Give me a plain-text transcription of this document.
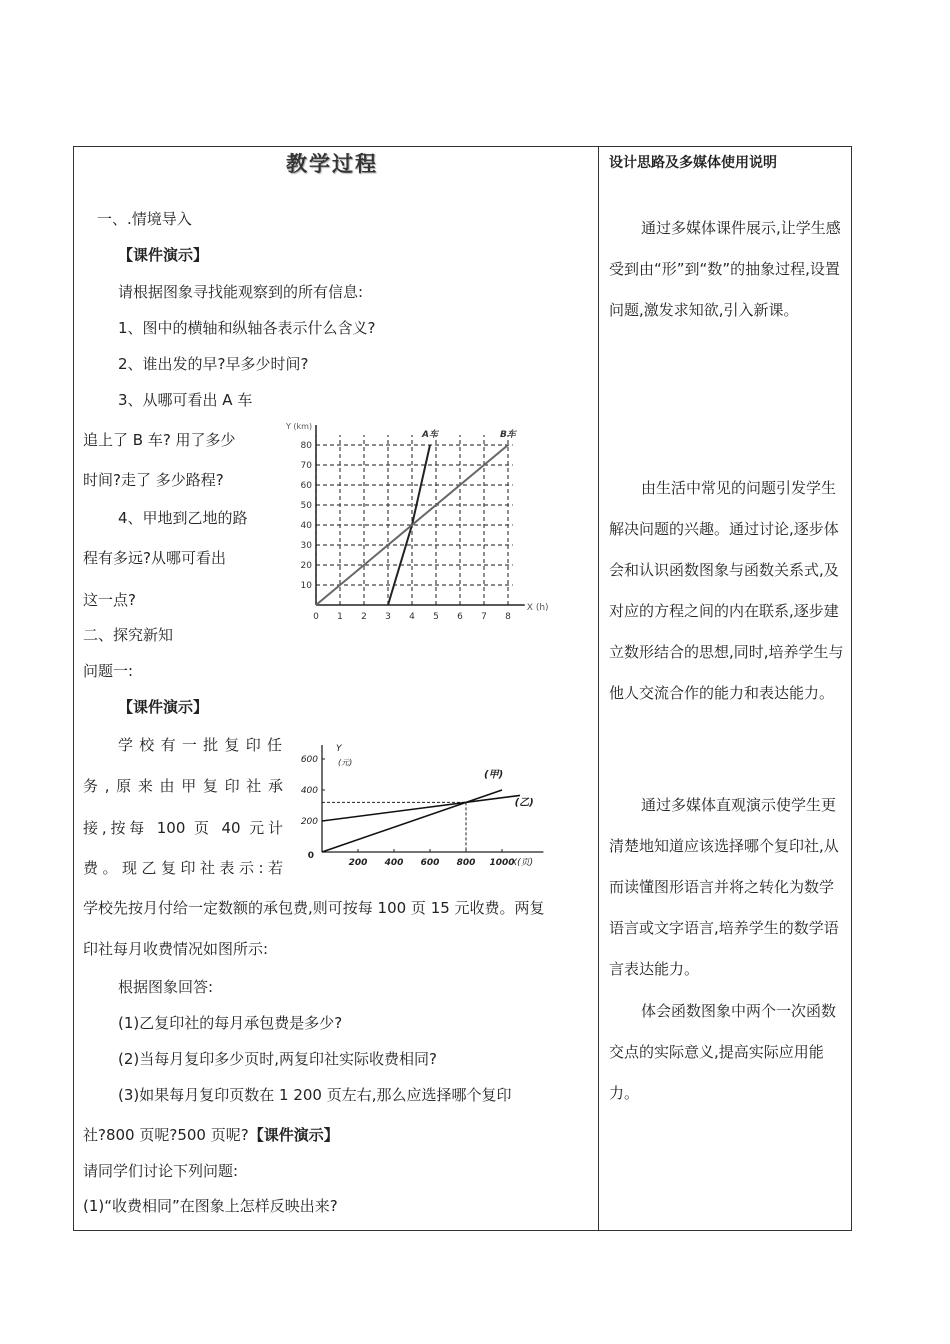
教学过程
一、.情境导入
【课件演示】
请根据图象寻找能观察到的所有信息:
1、图中的横轴和纵轴各表示什么含义?
2、谁出发的早?早多少时间?
3、从哪可看出 A 车
追上了 B 车? 用了多少
时间?走了 多少路程?
4、甲地到乙地的路
程有多远?从哪可看出
这一点?
二、探究新知
问题一:
【课件演示】
学校有一批复印任
务,原来由甲复印社承
接,按每 100 页 40 元计
费。现乙复印社表示:若
学校先按月付给一定数额的承包费,则可按每 100 页 15 元收费。两复
印社每月收费情况如图所示:
根据图象回答:
(1)乙复印社的每月承包费是多少?
(2)当每月复印多少页时,两复印社实际收费相同?
(3)如果每月复印页数在 1 200 页左右,那么应选择哪个复印
社?800 页呢?500 页呢?【课件演示】
请同学们讨论下列问题:
(1)“收费相同”在图象上怎样反映出来?
0 1 2 3 4 5 6 7 8
10
20
30
40
50
60
70
80
X (h)
Y (km)
A车	B车
200 400 600 800 1000
200
400
600
0
X(页)
Y
(元)
(甲)
(乙)
设计思路及多媒体使用说明
通过多媒体课件展示,让学生感受到由“形”到“数”的抽象过程,设置问题,激发求知欲,引入新课。
由生活中常见的问题引发学生解决问题的兴趣。通过讨论,逐步体会和认识函数图象与函数关系式,及对应的方程之间的内在联系,逐步建立数形结合的思想,同时,培养学生与他人交流合作的能力和表达能力。
通过多媒体直观演示使学生更清楚地知道应该选择哪个复印社,从而读懂图形语言并将之转化为数学语言或文字语言,培养学生的数学语言表达能力。
体会函数图象中两个一次函数交点的实际意义,提高实际应用能力。
